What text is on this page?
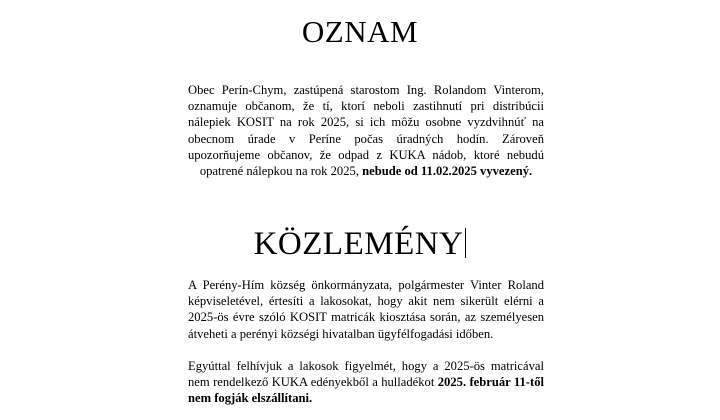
OZNAM

Obec Perín-Chym, zastúpená starostom Ing. Rolandom Vinterom, oznamuje občanom, že tí, ktorí neboli zastihnutí pri distribúcii nálepiek KOSIT na rok 2025, si ich môžu osobne vyzdvihnúť na obecnom úrade v Períne počas úradných hodín. Zároveň upozorňujeme občanov, že odpad z KUKA nádob, ktoré nebudú opatrené nálepkou na rok 2025, nebude od 11.02.2025 vyvezený.

KÖZLEMÉNY

A Perény-Hím község önkormányzata, polgármester Vinter Roland képviseletével, értesíti a lakosokat, hogy akit nem sikerült elérni a 2025-ös évre szóló KOSIT matricák kiosztása során, az személyesen átveheti a perényi községi hivatalban ügyfélfogadási időben.

Egyúttal felhívjuk a lakosok figyelmét, hogy a 2025-ös matricával nem rendelkező KUKA edényekből a hulladékot 2025. február 11-től nem fogják elszállítani.
